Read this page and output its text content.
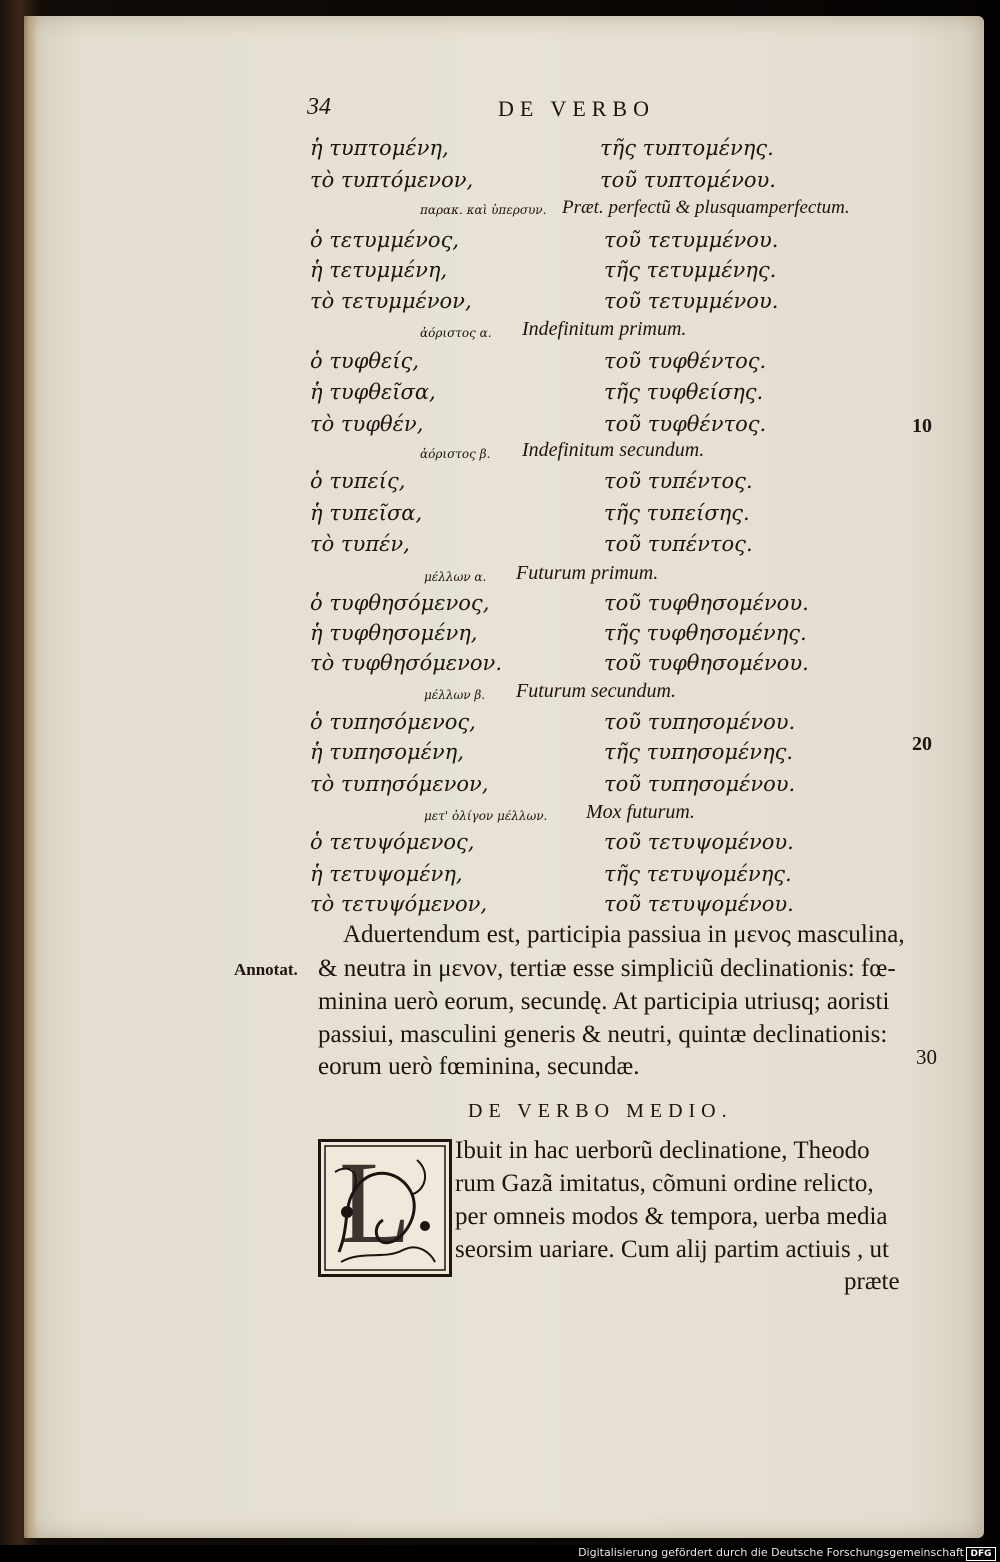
34	DE VERBO
ἡ τυπτομένη,	τῆς τυπτομένης.
τὸ τυπτόμενον,	τοῦ τυπτομένου.
παρακ. καὶ ὑπερσυν. Præt. perfectũ & plusquamperfectum.
ὁ τετυμμένος,	τοῦ τετυμμένου.
ἡ τετυμμένη,	τῆς τετυμμένης.
τὸ τετυμμένον,	τοῦ τετυμμένου.
ἀόριστος α. Indefinitum primum.
ὁ τυφθείς,	τοῦ τυφθέντος.
ἡ τυφθεῖσα,	τῆς τυφθείσης.
τὸ τυφθέν,	τοῦ τυφθέντος.
ἀόριστος β. Indefinitum secundum.
ὁ τυπείς,	τοῦ τυπέντος.
ἡ τυπεῖσα,	τῆς τυπείσης.
τὸ τυπέν,	τοῦ τυπέντος.
μέλλων α. Futurum primum.
ὁ τυφθησόμενος,	τοῦ τυφθησομένου.
ἡ τυφθησομένη,	τῆς τυφθησομένης.
τὸ τυφθησόμενον.	τοῦ τυφθησομένου.
μέλλων β. Futurum secundum.
ὁ τυπησόμενος,	τοῦ τυπησομένου.
ἡ τυπησομένη,	τῆς τυπησομένης.
τὸ τυπησόμενον,	τοῦ τυπησομένου.
μετ' ὀλίγον μέλλων. Mox futurum.
ὁ τετυψόμενος,	τοῦ τετυψομένου.
ἡ τετυψομένη,	τῆς τετυψομένης.
τὸ τετυψόμενον,	τοῦ τετυψομένου.
10
20
30
Annotat.
Aduertendum est, participia passiua in μενος masculina,
& neutra in μενον, tertiæ esse simpliciũ declinationis: fœ-
minina uerò eorum, secundę. At participia utriusq; aoristi
passiui, masculini generis & neutri, quintæ declinationis:
eorum uerò fœminina, secundæ.
DE VERBO MEDIO.
L Ibuit in hac uerborũ declinatione, Theodo
rum Gazã imitatus, cõmuni ordine relicto,
per omneis modos & tempora, uerba media
seorsim uariare. Cum alij partim actiuis , ut
præte
Digitalisierung gefördert durch die Deutsche Forschungsgemeinschaft DFG
